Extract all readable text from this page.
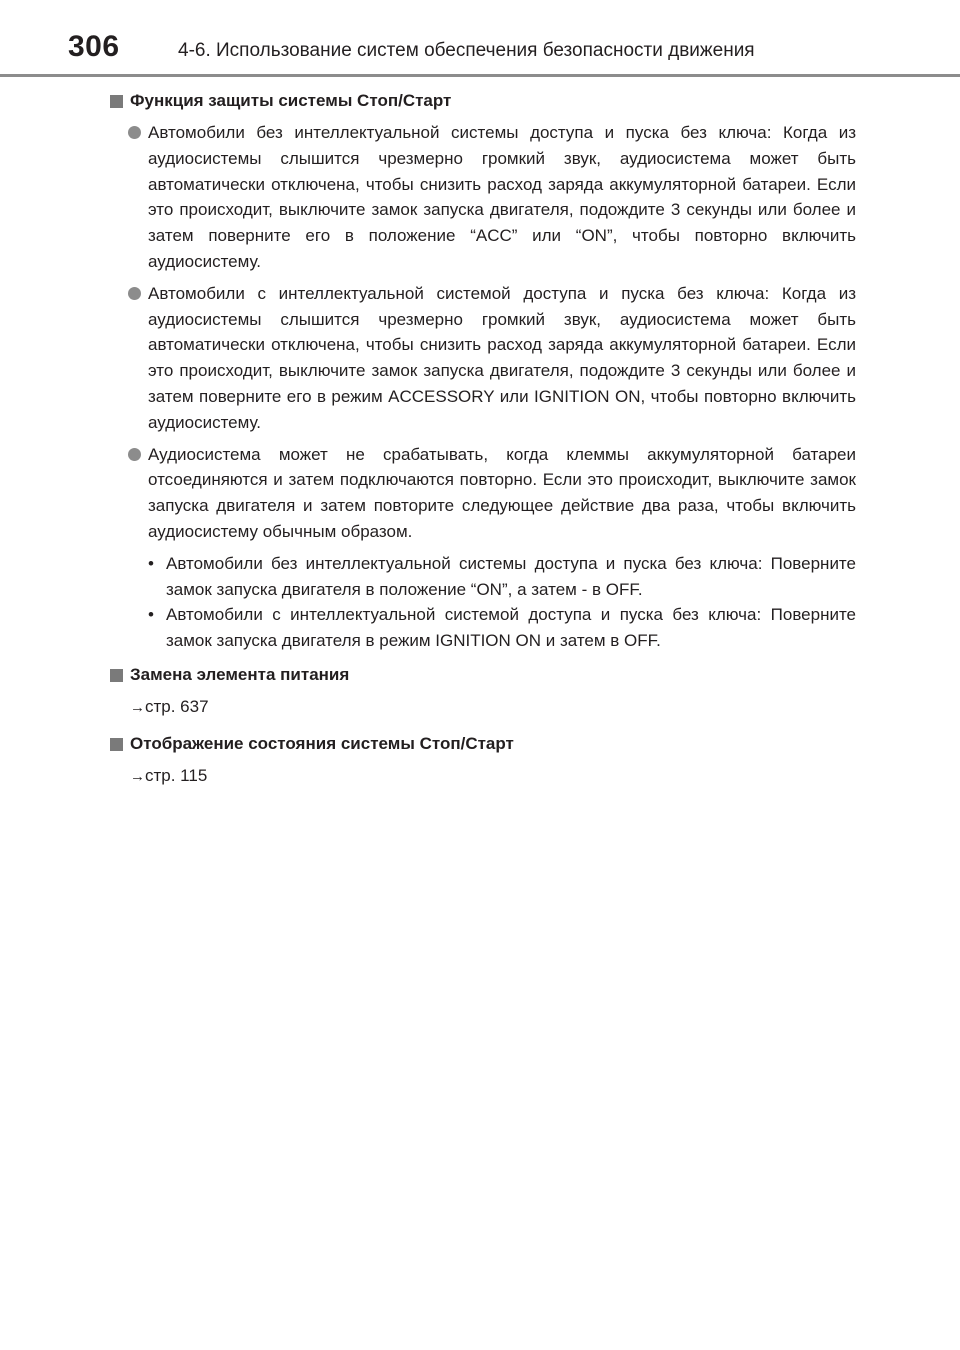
306	4-6. Использование систем обеспечения безопасности движения
Функция защиты системы Стоп/Старт
Автомобили без интеллектуальной системы доступа и пуска без ключа: Когда из аудиосистемы слышится чрезмерно громкий звук, аудиосистема может быть автоматически отключена, чтобы снизить расход заряда аккумуляторной батареи. Если это происходит, выключите замок запуска двигателя, подождите 3 секунды или более и затем поверните его в положение “ACC” или “ON”, чтобы повторно включить аудиосистему.
Автомобили с интеллектуальной системой доступа и пуска без ключа: Когда из аудиосистемы слышится чрезмерно громкий звук, аудиосистема может быть автоматически отключена, чтобы снизить расход заряда аккумуляторной батареи. Если это происходит, выключите замок запуска двигателя, подождите 3 секунды или более и затем поверните его в режим ACCESSORY или IGNITION ON, чтобы повторно включить аудиосистему.
Аудиосистема может не срабатывать, когда клеммы аккумуляторной батареи отсоединяются и затем подключаются повторно. Если это происходит, выключите замок запуска двигателя и затем повторите следующее действие два раза, чтобы включить аудиосистему обычным образом.
• Автомобили без интеллектуальной системы доступа и пуска без ключа: Поверните замок запуска двигателя в положение “ON”, а затем - в OFF.
• Автомобили с интеллектуальной системой доступа и пуска без ключа: Поверните замок запуска двигателя в режим IGNITION ON и затем в OFF.
Замена элемента питания
→стр. 637
Отображение состояния системы Стоп/Старт
→стр. 115
